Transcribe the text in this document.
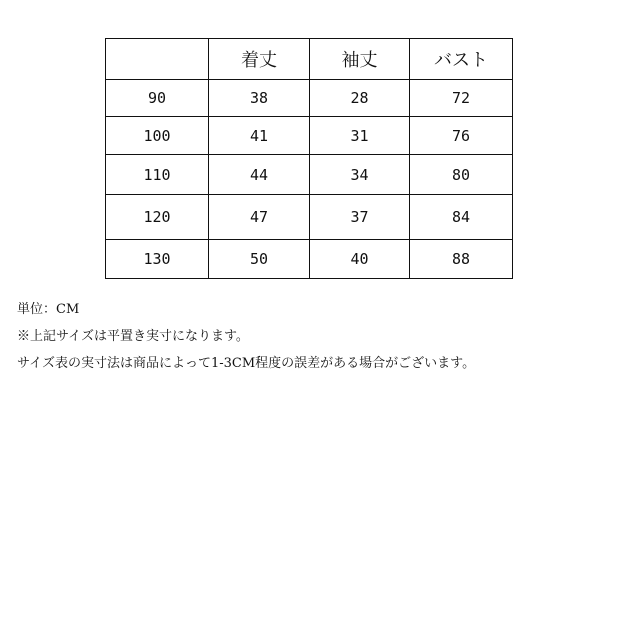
	着丈	袖丈	バスト
90	38	28	72
100	41	31	76
110	44	34	80
120	47	37	84
130	50	40	88
単位：CM
※上記サイズは平置き実寸になります。
サイズ表の実寸法は商品によって1-3CM程度の誤差がある場合がございます。
